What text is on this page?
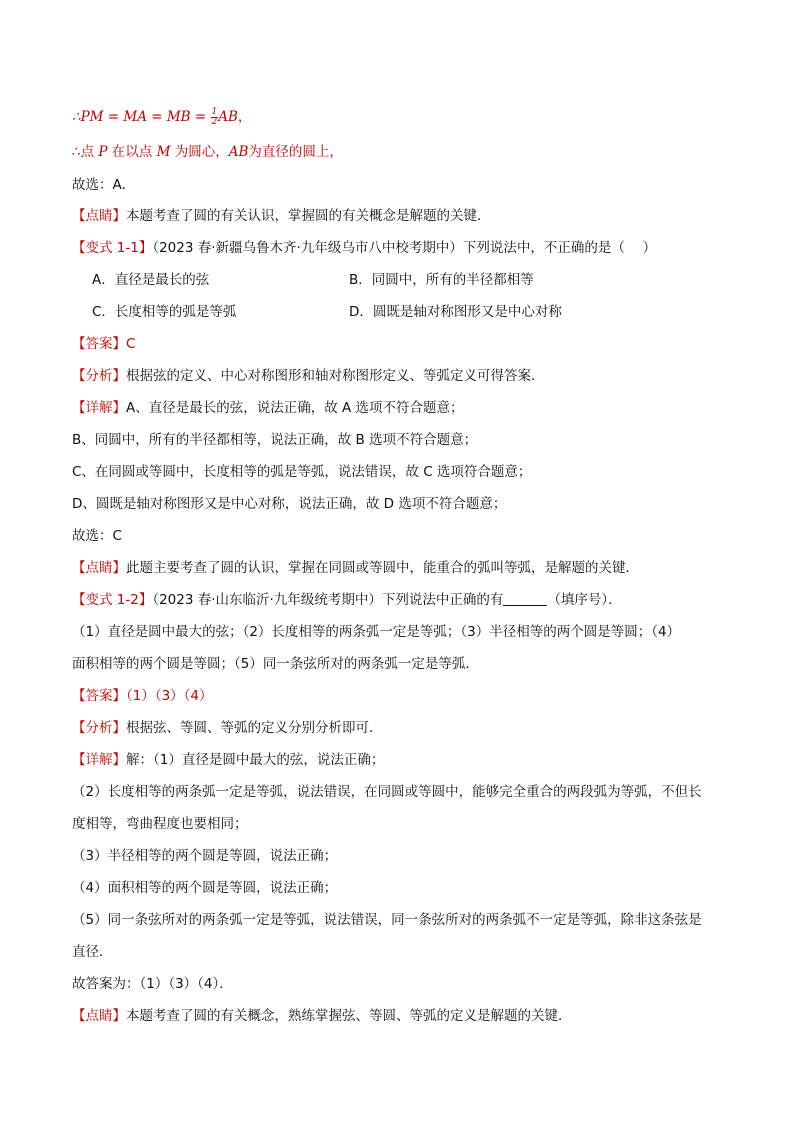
∴PM = MA = MB = $\frac{1}{2}$ AB，
∴点 P 在以点 M 为圆心，AB为直径的圆上，
故选：A．
【点睛】本题考查了圆的有关认识，掌握圆的有关概念是解题的关键．
【变式 1-1】（2023 春·新疆乌鲁木齐·九年级乌市八中校考期中）下列说法中，不正确的是（　 ）
A．直径是最长的弦	B．同圆中，所有的半径都相等
C．长度相等的弧是等弧	D．圆既是轴对称图形又是中心对称
【答案】C
【分析】根据弦的定义、中心对称图形和轴对称图形定义、等弧定义可得答案．
【详解】A、直径是最长的弦，说法正确，故 A 选项不符合题意；
B、同圆中，所有的半径都相等，说法正确，故 B 选项不符合题意；
C、在同圆或等圆中，长度相等的弧是等弧，说法错误，故 C 选项符合题意；
D、圆既是轴对称图形又是中心对称，说法正确，故 D 选项不符合题意；
故选：C
【点睛】此题主要考查了圆的认识，掌握在同圆或等圆中，能重合的弧叫等弧，是解题的关键．
【变式 1-2】（2023 春·山东临沂·九年级统考期中）下列说法中正确的有	（填序号）．
（1）直径是圆中最大的弦；（2）长度相等的两条弧一定是等弧；（3）半径相等的两个圆是等圆；（4）
面积相等的两个圆是等圆；（5）同一条弦所对的两条弧一定是等弧．
【答案】（1）（3）（4）
【分析】根据弦、等圆、等弧的定义分别分析即可．
【详解】解：（1）直径是圆中最大的弦，说法正确；
（2）长度相等的两条弧一定是等弧，说法错误，在同圆或等圆中，能够完全重合的两段弧为等弧，不但长
度相等，弯曲程度也要相同；
（3）半径相等的两个圆是等圆，说法正确；
（4）面积相等的两个圆是等圆，说法正确；
（5）同一条弦所对的两条弧一定是等弧，说法错误，同一条弦所对的两条弧不一定是等弧，除非这条弦是
直径．
故答案为：（1）（3）（4）．
【点睛】本题考查了圆的有关概念，熟练掌握弦、等圆、等弧的定义是解题的关键．
